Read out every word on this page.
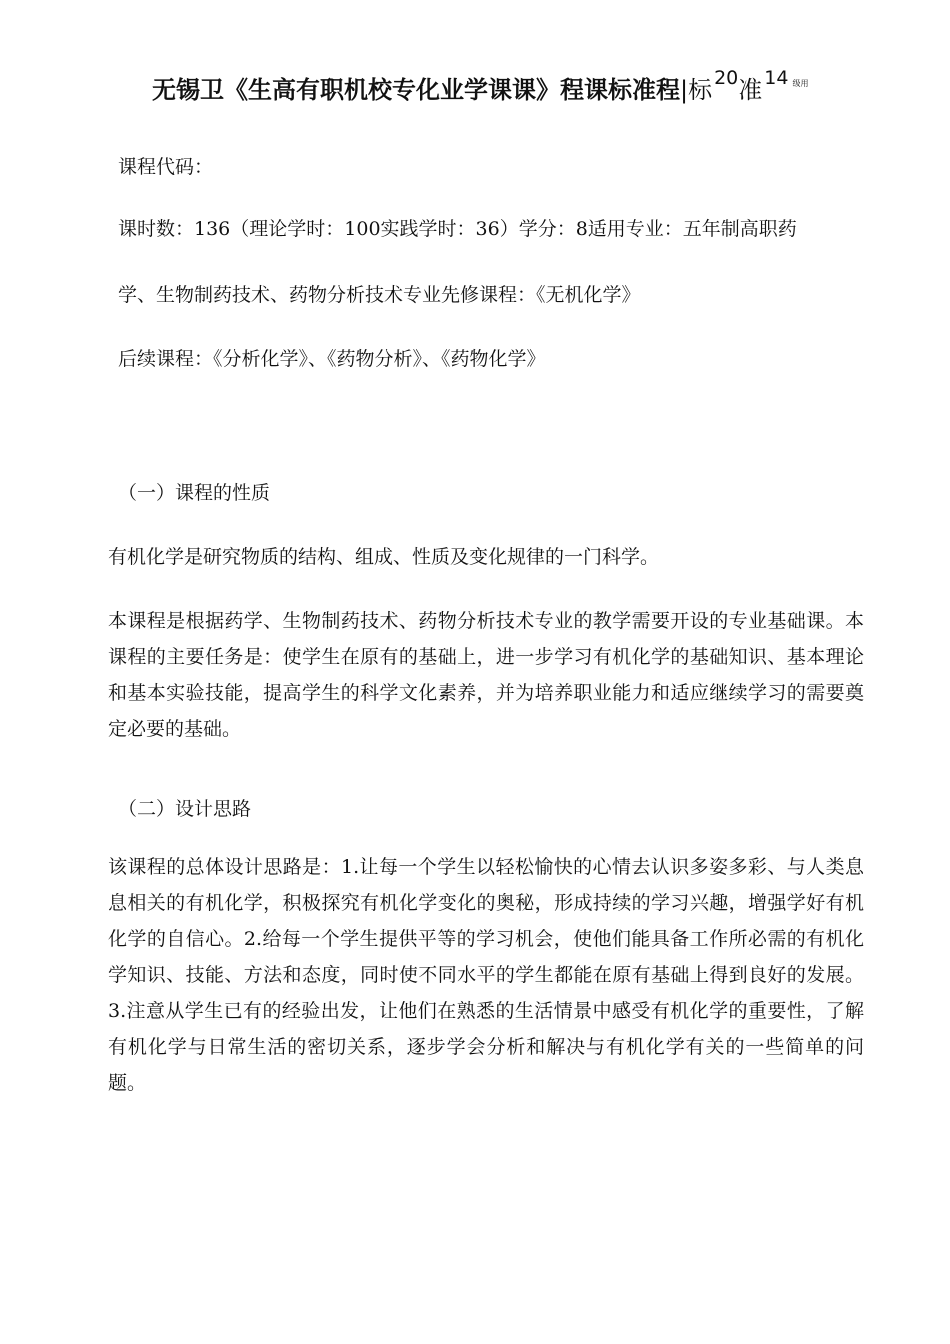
无锡卫《生高有职机校专化业学课课》程课标准程|标 $^{20}$准 $^{14}$ $^{级用}$
课程代码：
课时数：136（理论学时：100实践学时：36）学分：8适用专业：五年制高职药
学、生物制药技术、药物分析技术专业先修课程：《无机化学》
后续课程：《分析化学》、《药物分析》、《药物化学》
（一）课程的性质
有机化学是研究物质的结构、组成、性质及变化规律的一门科学。
本课程是根据药学、生物制药技术、药物分析技术专业的教学需要开设的专业基础课。本课程的主要任务是：使学生在原有的基础上，进一步学习有机化学的基础知识、基本理论和基本实验技能，提高学生的科学文化素养，并为培养职业能力和适应继续学习的需要奠定必要的基础。
（二）设计思路
该课程的总体设计思路是：1.让每一个学生以轻松愉快的心情去认识多姿多彩、与人类息息相关的有机化学，积极探究有机化学变化的奥秘，形成持续的学习兴趣，增强学好有机化学的自信心。2.给每一个学生提供平等的学习机会，使他们能具备工作所必需的有机化学知识、技能、方法和态度，同时使不同水平的学生都能在原有基础上得到良好的发展。3.注意从学生已有的经验出发，让他们在熟悉的生活情景中感受有机化学的重要性，了解有机化学与日常生活的密切关系，逐步学会分析和解决与有机化学有关的一些简单的问题。
